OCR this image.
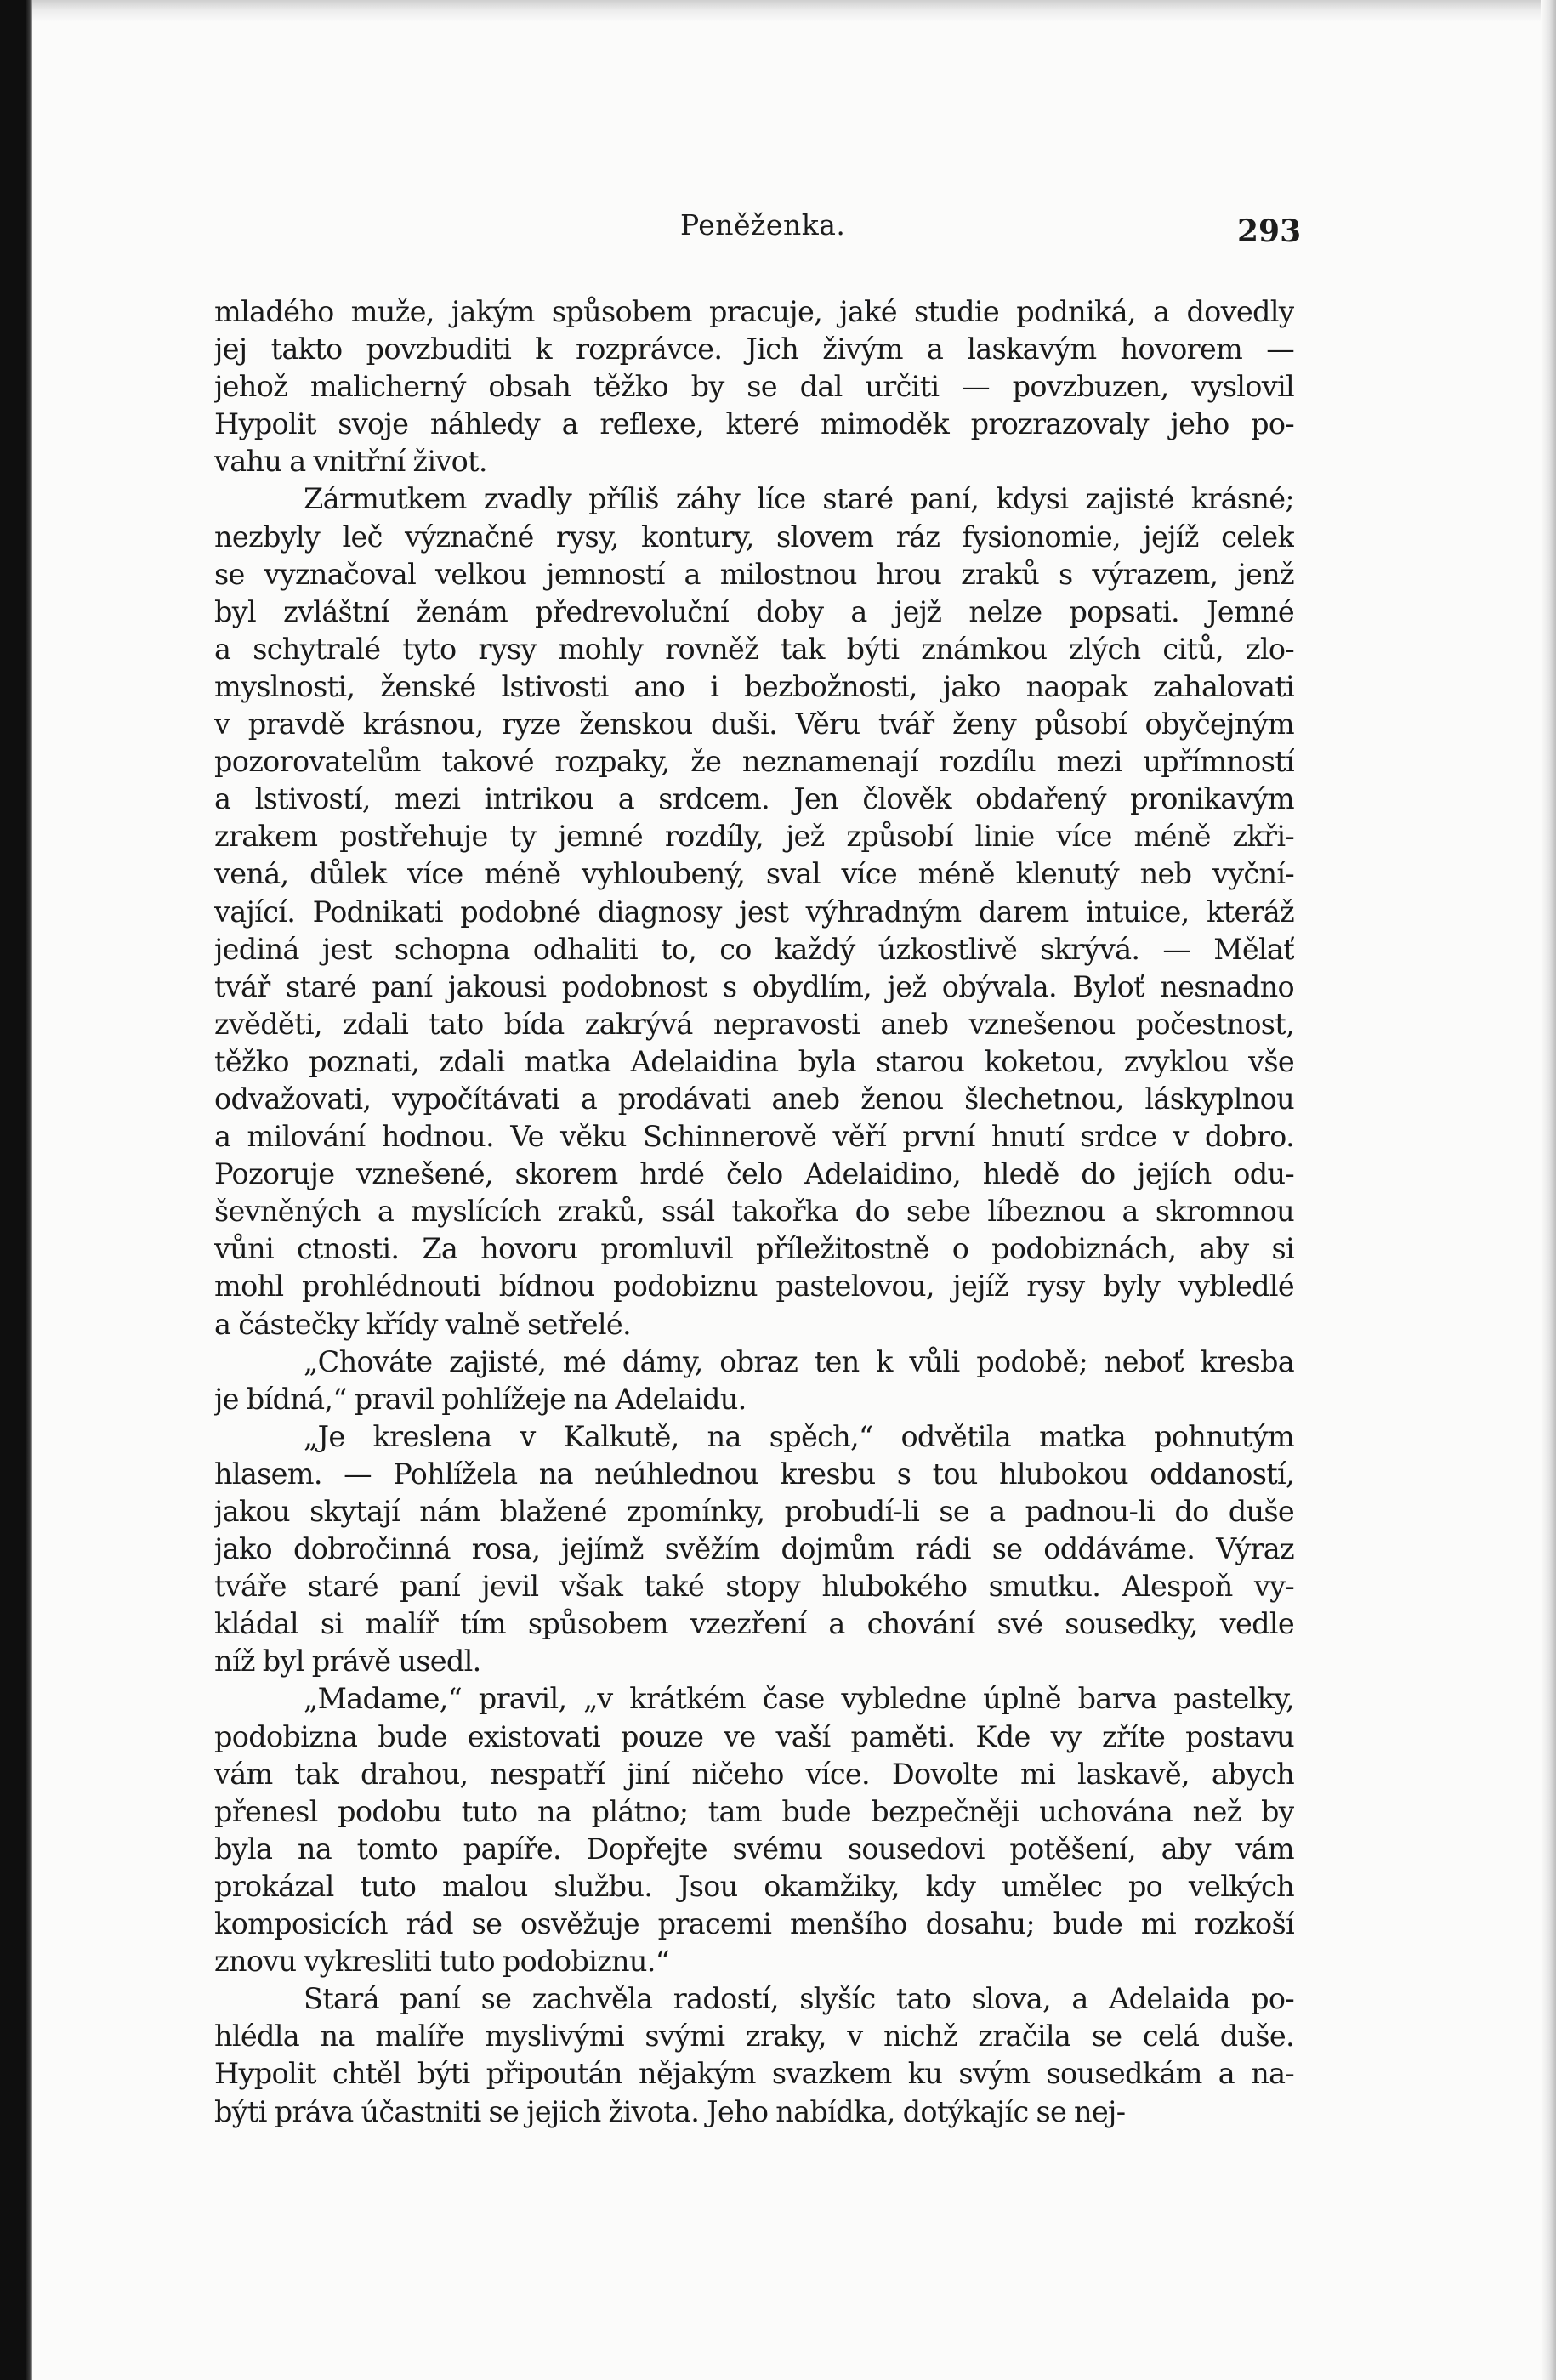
Peněženka.	293
mladého muže, jakým spůsobem pracuje, jaké studie podniká, a dovedly
jej takto povzbuditi k rozprávce. Jich živým a laskavým hovorem —
jehož malicherný obsah těžko by se dal určiti — povzbuzen, vyslovil
Hypolit svoje náhledy a reflexe, které mimoděk prozrazovaly jeho po-
vahu a vnitřní život.
Zármutkem zvadly příliš záhy líce staré paní, kdysi zajisté krásné;
nezbyly leč význačné rysy, kontury, slovem ráz fysionomie, jejíž celek
se vyznačoval velkou jemností a milostnou hrou zraků s výrazem, jenž
byl zvláštní ženám předrevoluční doby a jejž nelze popsati. Jemné
a schytralé tyto rysy mohly rovněž tak býti známkou zlých citů, zlo-
myslnosti, ženské lstivosti ano i bezbožnosti, jako naopak zahalovati
v pravdě krásnou, ryze ženskou duši. Věru tvář ženy působí obyčejným
pozorovatelům takové rozpaky, že neznamenají rozdílu mezi upřímností
a lstivostí, mezi intrikou a srdcem. Jen člověk obdařený pronikavým
zrakem postřehuje ty jemné rozdíly, jež způsobí linie více méně zkři-
vená, důlek více méně vyhloubený, sval více méně klenutý neb vyční-
vající. Podnikati podobné diagnosy jest výhradným darem intuice, kteráž
jediná jest schopna odhaliti to, co každý úzkostlivě skrývá. — Mělať
tvář staré paní jakousi podobnost s obydlím, jež obývala. Byloť nesnadno
zvěděti, zdali tato bída zakrývá nepravosti aneb vznešenou počestnost,
těžko poznati, zdali matka Adelaidina byla starou koketou, zvyklou vše
odvažovati, vypočítávati a prodávati aneb ženou šlechetnou, láskyplnou
a milování hodnou. Ve věku Schinnerově věří první hnutí srdce v dobro.
Pozoruje vznešené, skorem hrdé čelo Adelaidino, hledě do jejích odu-
ševněných a myslících zraků, ssál takořka do sebe líbeznou a skromnou
vůni ctnosti. Za hovoru promluvil příležitostně o podobiznách, aby si
mohl prohlédnouti bídnou podobiznu pastelovou, jejíž rysy byly vybledlé
a částečky křídy valně setřelé.
„Chováte zajisté, mé dámy, obraz ten k vůli podobě; neboť kresba
je bídná,“ pravil pohlížeje na Adelaidu.
„Je kreslena v Kalkutě, na spěch,“ odvětila matka pohnutým
hlasem. — Pohlížela na neúhlednou kresbu s tou hlubokou oddaností,
jakou skytají nám blažené zpomínky, probudí-li se a padnou-li do duše
jako dobročinná rosa, jejímž svěžím dojmům rádi se oddáváme. Výraz
tváře staré paní jevil však také stopy hlubokého smutku. Alespoň vy-
kládal si malíř tím spůsobem vzezření a chování své sousedky, vedle
níž byl právě usedl.
„Madame,“ pravil, „v krátkém čase vybledne úplně barva pastelky,
podobizna bude existovati pouze ve vaší paměti. Kde vy zříte postavu
vám tak drahou, nespatří jiní ničeho více. Dovolte mi laskavě, abych
přenesl podobu tuto na plátno; tam bude bezpečněji uchována než by
byla na tomto papíře. Dopřejte svému sousedovi potěšení, aby vám
prokázal tuto malou službu. Jsou okamžiky, kdy umělec po velkých
komposicích rád se osvěžuje pracemi menšího dosahu; bude mi rozkoší
znovu vykresliti tuto podobiznu.“
Stará paní se zachvěla radostí, slyšíc tato slova, a Adelaida po-
hlédla na malíře myslivými svými zraky, v nichž zračila se celá duše.
Hypolit chtěl býti připoután nějakým svazkem ku svým sousedkám a na-
býti práva účastniti se jejich života. Jeho nabídka, dotýkajíc se nej-
